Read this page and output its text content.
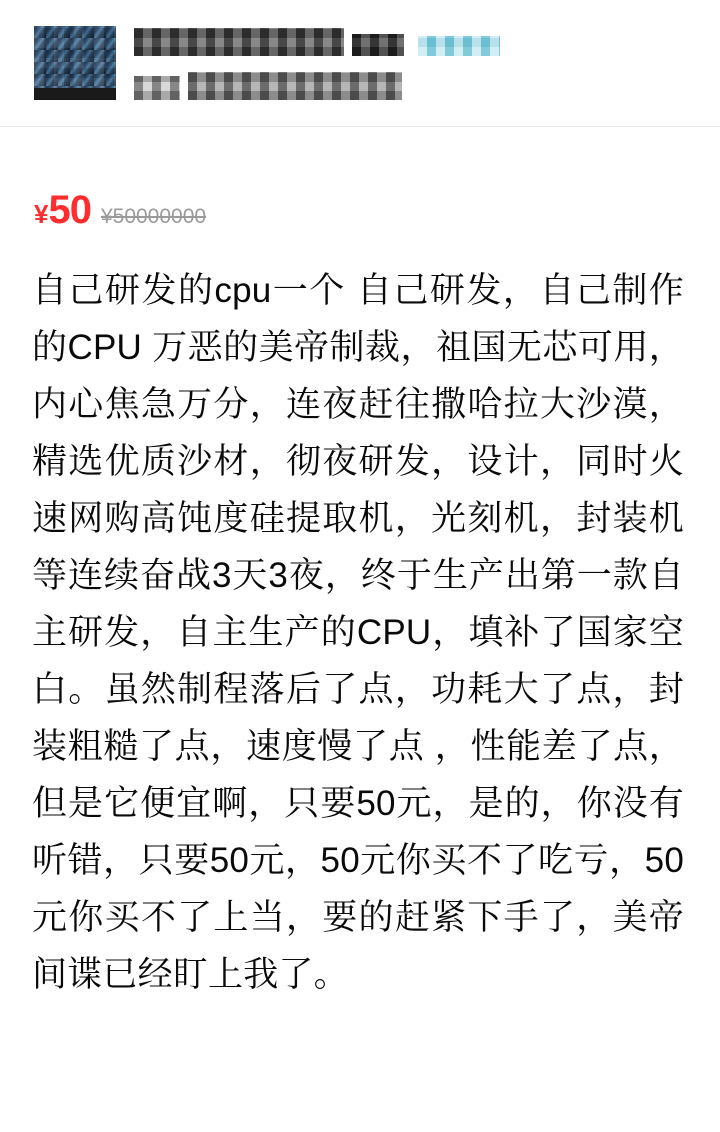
¥ 50 ¥50000000
自己研发的cpu一个 自己研发，自己制作的CPU 万恶的美帝制裁，祖国无芯可用，内心焦急万分，连夜赶往撒哈拉大沙漠，精选优质沙材，彻夜研发，设计，同时火速网购高饨度硅提取机，光刻机，封装机等连续奋战3天3夜，终于生产出第一款自主研发，自主生产的CPU，填补了国家空白。虽然制程落后了点，功耗大了点，封装粗糙了点，速度慢了点 ，性能差了点，但是它便宜啊，只要50元，是的，你没有听错，只要50元，50元你买不了吃亏，50元你买不了上当，要的赶紧下手了，美帝间谍已经盯上我了。
